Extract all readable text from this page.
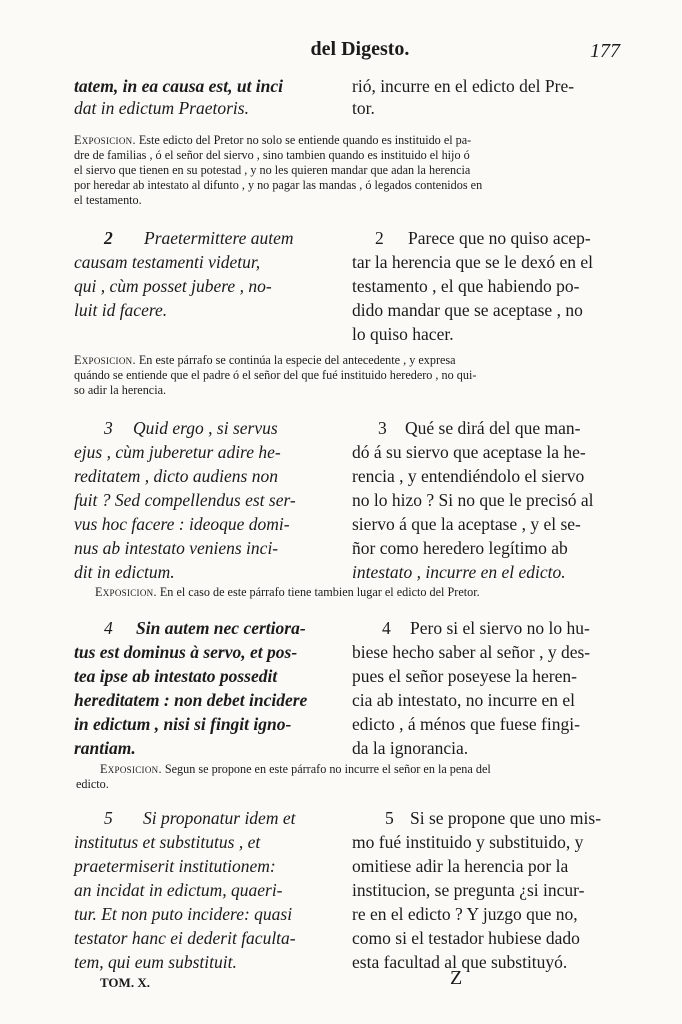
del Digesto.	177
tatem, in ea causa est, ut inci
dat in edictum Praetoris.
rió, incurre en el edicto del Pre-
tor.
Exposicion. Este edicto del Pretor no solo se entiende quando es instituido el pa-
dre de familias , ó el señor del siervo , sino tambien quando es instituido el hijo ó
el siervo que tienen en su potestad , y no les quieren mandar que adan la herencia
por heredar ab intestato al difunto , y no pagar las mandas , ó legados contenidos en
el testamento.
2 Praetermittere autem
causam testamenti videtur,
qui , cùm posset jubere , no-
luit id facere.
2 Parece que no quiso acep-
tar la herencia que se le dexó en el
testamento , el que habiendo po-
dido mandar que se aceptase , no
lo quiso hacer.
Exposicion. En este párrafo se continúa la especie del antecedente , y expresa
quándo se entiende que el padre ó el señor del que fué instituido heredero , no qui-
so adir la herencia.
3 Quid ergo , si servus
ejus , cùm juberetur adire he-
reditatem , dicto audiens non
fuit ? Sed compellendus est ser-
vus hoc facere : ideoque domi-
nus ab intestato veniens inci-
dit in edictum.
3 Qué se dirá del que man-
dó á su siervo que aceptase la he-
rencia , y entendiéndolo el siervo
no lo hizo ? Si no que le precisó al
siervo á que la aceptase , y el se-
ñor como heredero legítimo ab
intestato , incurre en el edicto.
Exposicion. En el caso de este párrafo tiene tambien lugar el edicto del Pretor.
4 Sin autem nec certiora-
tus est dominus à servo, et pos-
tea ipse ab intestato possedit
hereditatem : non debet incidere
in edictum , nisi si fingit igno-
rantiam.
4 Pero si el siervo no lo hu-
biese hecho saber al señor , y des-
pues el señor poseyese la heren-
cia ab intestato, no incurre en el
edicto , á ménos que fuese fingi-
da la ignorancia.
Exposicion. Segun se propone en este párrafo no incurre el señor en la pena del
edicto.
5 Si proponatur idem et
institutus et substitutus , et
praetermiserit institutionem:
an incidat in edictum, quaeri-
tur. Et non puto incidere: quasi
testator hanc ei dederit faculta-
tem, qui eum substituit.
5 Si se propone que uno mis-
mo fué instituido y substituido, y
omitiese adir la herencia por la
institucion, se pregunta ¿si incur-
re en el edicto ? Y juzgo que no,
como si el testador hubiese dado
esta facultad al que substituyó.
TOM. X.	Z
